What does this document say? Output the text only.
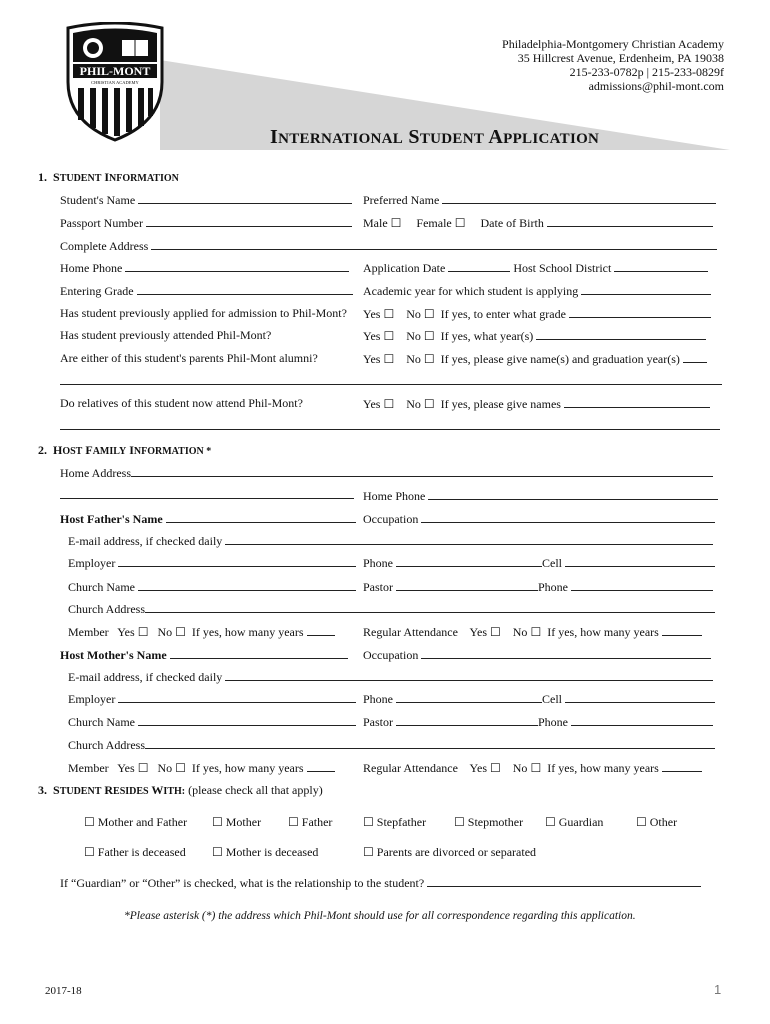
PHIL-MONT
CHRISTIAN ACADEMY
Philadelphia-Montgomery Christian Academy
35 Hillcrest Avenue, Erdenheim, PA 19038
215-233-0782p | 215-233-0829f
admissions@phil-mont.com
INTERNATIONAL STUDENT APPLICATION
1. STUDENT INFORMATION
Student's Name	Preferred Name
Passport Number	Male ☐ Female ☐ Date of Birth
Complete Address
Home Phone	Application Date	Host School District
Entering Grade	Academic year for which student is applying
Has student previously applied for admission to Phil-Mont? Yes ☐ No ☐ If yes, to enter what grade
Has student previously attended Phil-Mont?	Yes ☐ No ☐ If yes, what year(s)
Are either of this student's parents Phil-Mont alumni?	Yes ☐ No ☐ If yes, please give name(s) and graduation year(s)
Do relatives of this student now attend Phil-Mont?	Yes ☐ No ☐ If yes, please give names
2. HOST FAMILY INFORMATION *
Home Address
Home Phone
Host Father's Name	Occupation
E-mail address, if checked daily
Employer	Phone	Cell
Church Name	Pastor	Phone
Church Address
Member Yes ☐ No ☐ If yes, how many years	Regular Attendance Yes ☐ No ☐ If yes, how many years
Host Mother's Name	Occupation
E-mail address, if checked daily
Employer	Phone	Cell
Church Name	Pastor	Phone
Church Address
Member Yes ☐ No ☐ If yes, how many years	Regular Attendance Yes ☐ No ☐ If yes, how many years
3. STUDENT RESIDES WITH: (please check all that apply)
☐ Mother and Father ☐ Mother ☐ Father	☐ Stepfather ☐ Stepmother ☐ Guardian	☐ Other
☐ Father is deceased ☐ Mother is deceased	☐ Parents are divorced or separated
If “Guardian” or “Other” is checked, what is the relationship to the student?
*Please asterisk (*) the address which Phil-Mont should use for all correspondence regarding this application.
2017-18	1
